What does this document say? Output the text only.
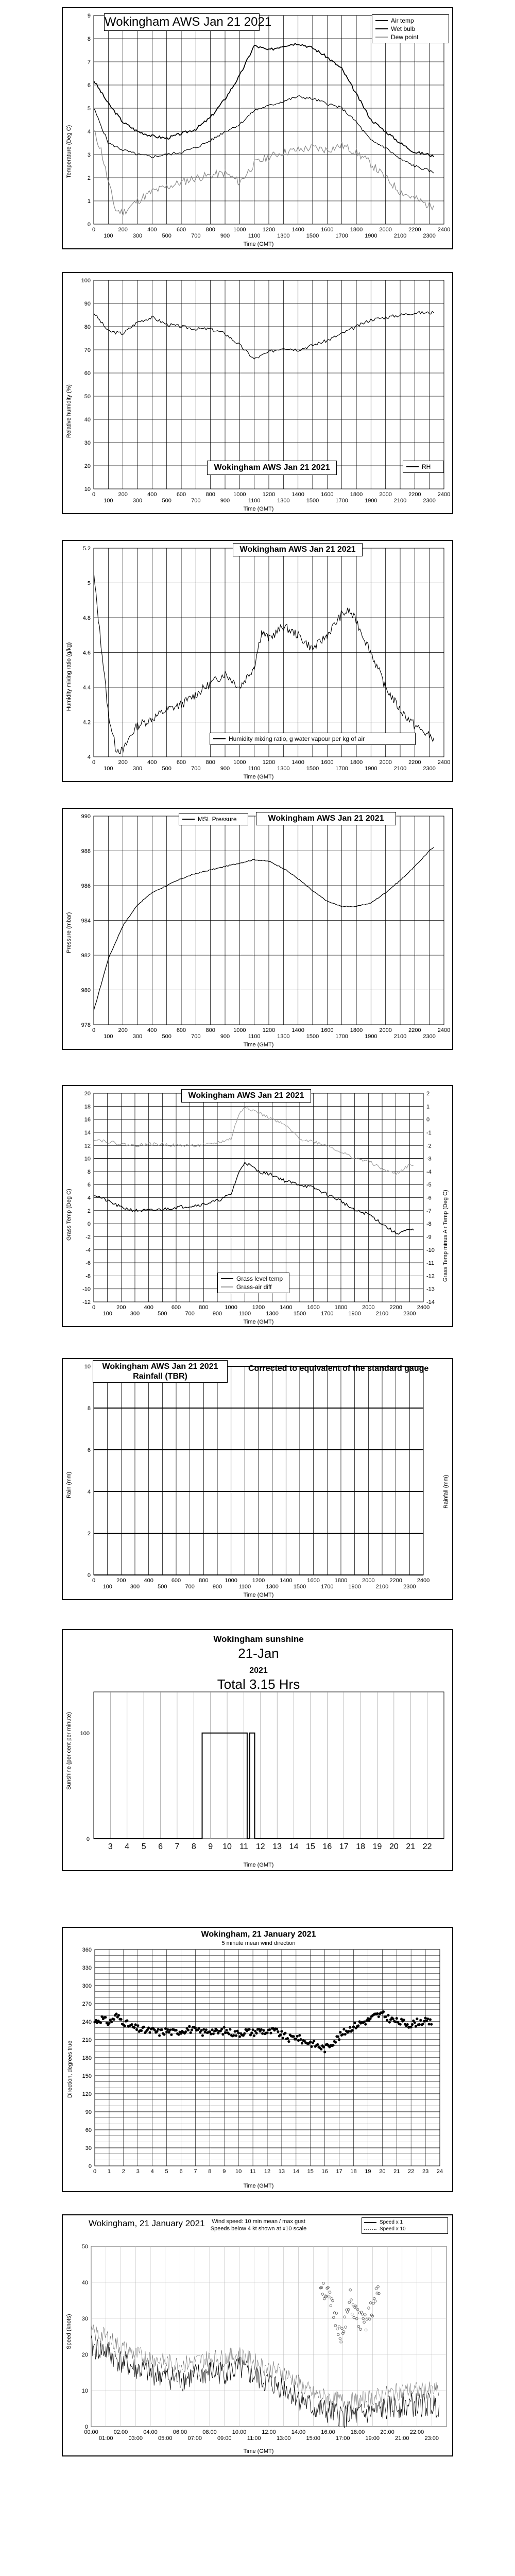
0
1
2
3
4
5
6
7
8
9
0	200	400	600	800	1000	1200	1400	1600	1800	2000	2200	2400
100	300	500	700	900	1100	1300	1500	1700	1900	2100	2300
Wokingham AWS Jan 21 2021
Temperature (Deg C)
Time (GMT)
Air temp
Wet bulb
Dew point
10
20
30
40
50
60
70
80
90
100
0	200	400	600	800	1000	1200	1400	1600	1800	2000	2200	2400
100	300	500	700	900	1100	1300	1500	1700	1900	2100	2300
Wokingham AWS Jan 21 2021
Relative humidity (%)
Time (GMT)
RH
4
4.2
4.4
4.6
4.8
5
5.2
0	200	400	600	800	1000	1200	1400	1600	1800	2000	2200	2400
100	300	500	700	900	1100	1300	1500	1700	1900	2100	2300
Wokingham AWS Jan 21 2021
Humidity mixing ratio (g/kg)
Time (GMT)
Humidity mixing ratio, g water vapour per kg of air
978
980
982
984
986
988
990
0	200	400	600	800	1000	1200	1400	1600	1800	2000	2200	2400
100	300	500	700	900	1100	1300	1500	1700	1900	2100	2300
MSL Pressure	Wokingham AWS Jan 21 2021
Pressure (mbar)
Time (GMT)
-12
-10
-8
-6
-4
-2
0
2
4
6
8
10
12
14
16
18
20
-14
-13
-12
-11
-10
-9
-8
-7
-6
-5
-4
-3
-2
-1
0
1
2
0	200	400	600	800	1000	1200	1400	1600	1800	2000	2200	2400
100	300	500	700	900	1100	1300	1500	1700	1900	2100	2300
Wokingham AWS Jan 21 2021
Grass Temp (Deg C)	Grass Temp minus Air Temp (Deg C)
Time (GMT)
Grass level temp
Grass-air diff
0
2
4
6
8
10
0	200	400	600	800	1000	1200	1400	1600	1800	2000	2200	2400
100	300	500	700	900	1100	1300	1500	1700	1900	2100	2300
Wokingham AWS Jan 21 2021
Rainfall (TBR)
Corrected to equivalent of the standard gauge
Rain (mm)	Rainfall (mm)
Time (GMT)
3 4 5 6 7 8 9 10 11 12 13 14 15 16 17 18 19 20 21 22
0
100
Wokingham sunshine
21-Jan
2021
Total 3.15 Hrs
Sunshine (per cent per minute)
Time (GMT)
0 1 2 3 4 5 6 7 8 9 10 11 12 13 14 15 16 17 18 19 20 21 22 23 24
0
30
60
90
120
150
180
210
240
270
300
330
360
Wokingham, 21 January 2021
5 minute mean wind direction
Direction, degrees true
Time (GMT)
0
10
20
30
40
50
00:00	02:00	04:00	06:00	08:00	10:00	12:00	14:00	16:00	18:00	20:00	22:00
01:00	03:00	05:00	07:00	09:00	11:00	13:00	15:00	17:00	19:00	21:00	23:00
Wokingham, 21 January 2021 Wind speed: 10 min mean / max gust
Speeds below 4 kt shown at x10 scale
Speed x 1
Speed x 10
Speed (knots)
Time (GMT)
